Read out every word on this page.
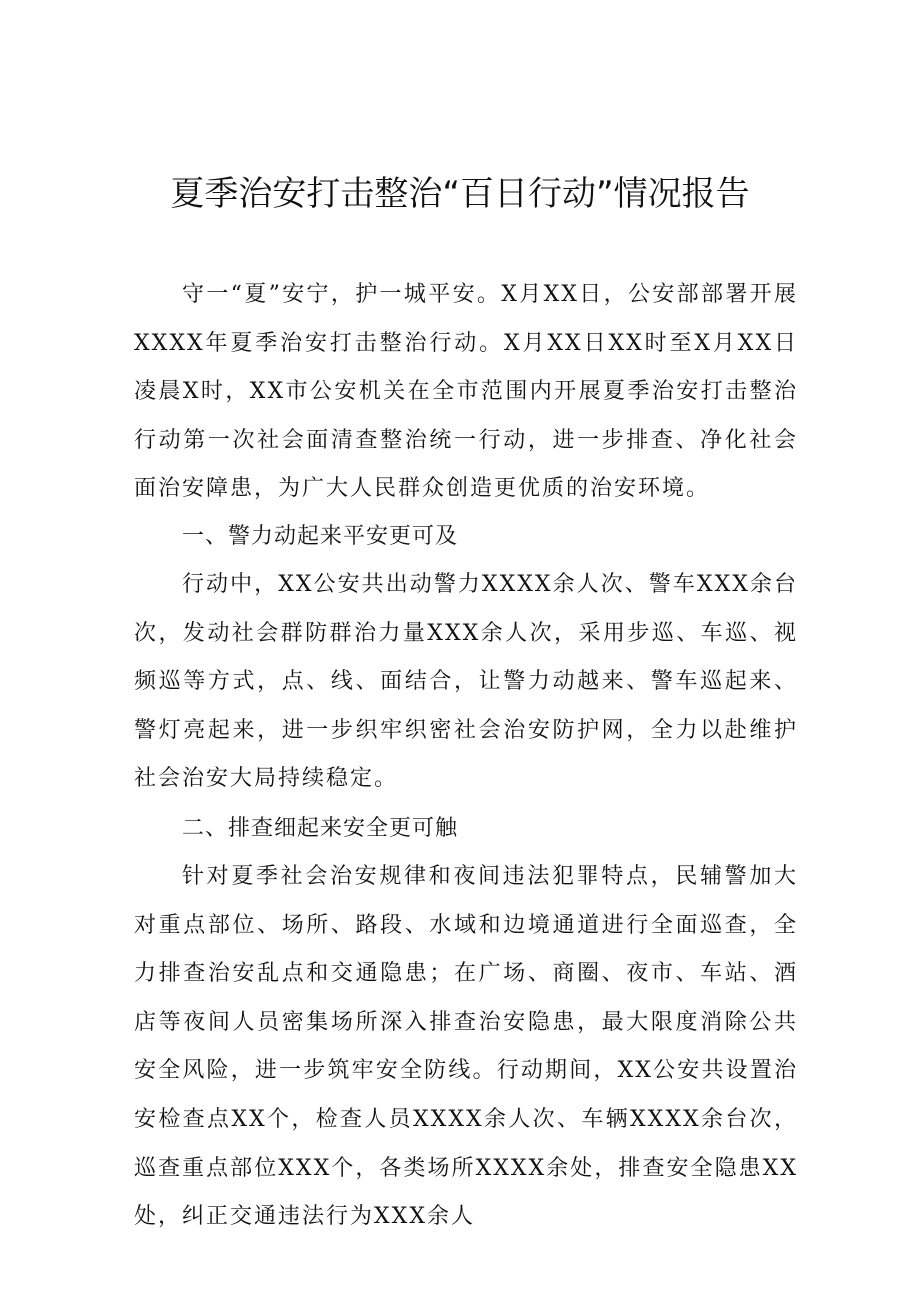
夏季治安打击整治“百日行动”情况报告

守一“夏”安宁，护一城平安。X月XX日，公安部部署开展XXXX年夏季治安打击整治行动。X月XX日XX时至X月XX日凌晨X时，XX市公安机关在全市范围内开展夏季治安打击整治行动第一次社会面清查整治统一行动，进一步排查、净化社会面治安障患，为广大人民群众创造更优质的治安环境。

一、警力动起来平安更可及

行动中，XX公安共出动警力XXXX余人次、警车XXX余台次，发动社会群防群治力量XXX余人次，采用步巡、车巡、视频巡等方式，点、线、面结合，让警力动越来、警车巡起来、警灯亮起来，进一步织牢织密社会治安防护网，全力以赴维护社会治安大局持续稳定。

二、排查细起来安全更可触

针对夏季社会治安规律和夜间违法犯罪特点，民辅警加大对重点部位、场所、路段、水域和边境通道进行全面巡查，全力排查治安乱点和交通隐患；在广场、商圈、夜市、车站、酒店等夜间人员密集场所深入排查治安隐患，最大限度消除公共安全风险，进一步筑牢安全防线。行动期间，XX公安共设置治安检查点XX个，检查人员XXXX余人次、车辆XXXX余台次，巡查重点部位XXX个，各类场所XXXX余处，排查安全隐患XX处，纠正交通违法行为XXX余人
